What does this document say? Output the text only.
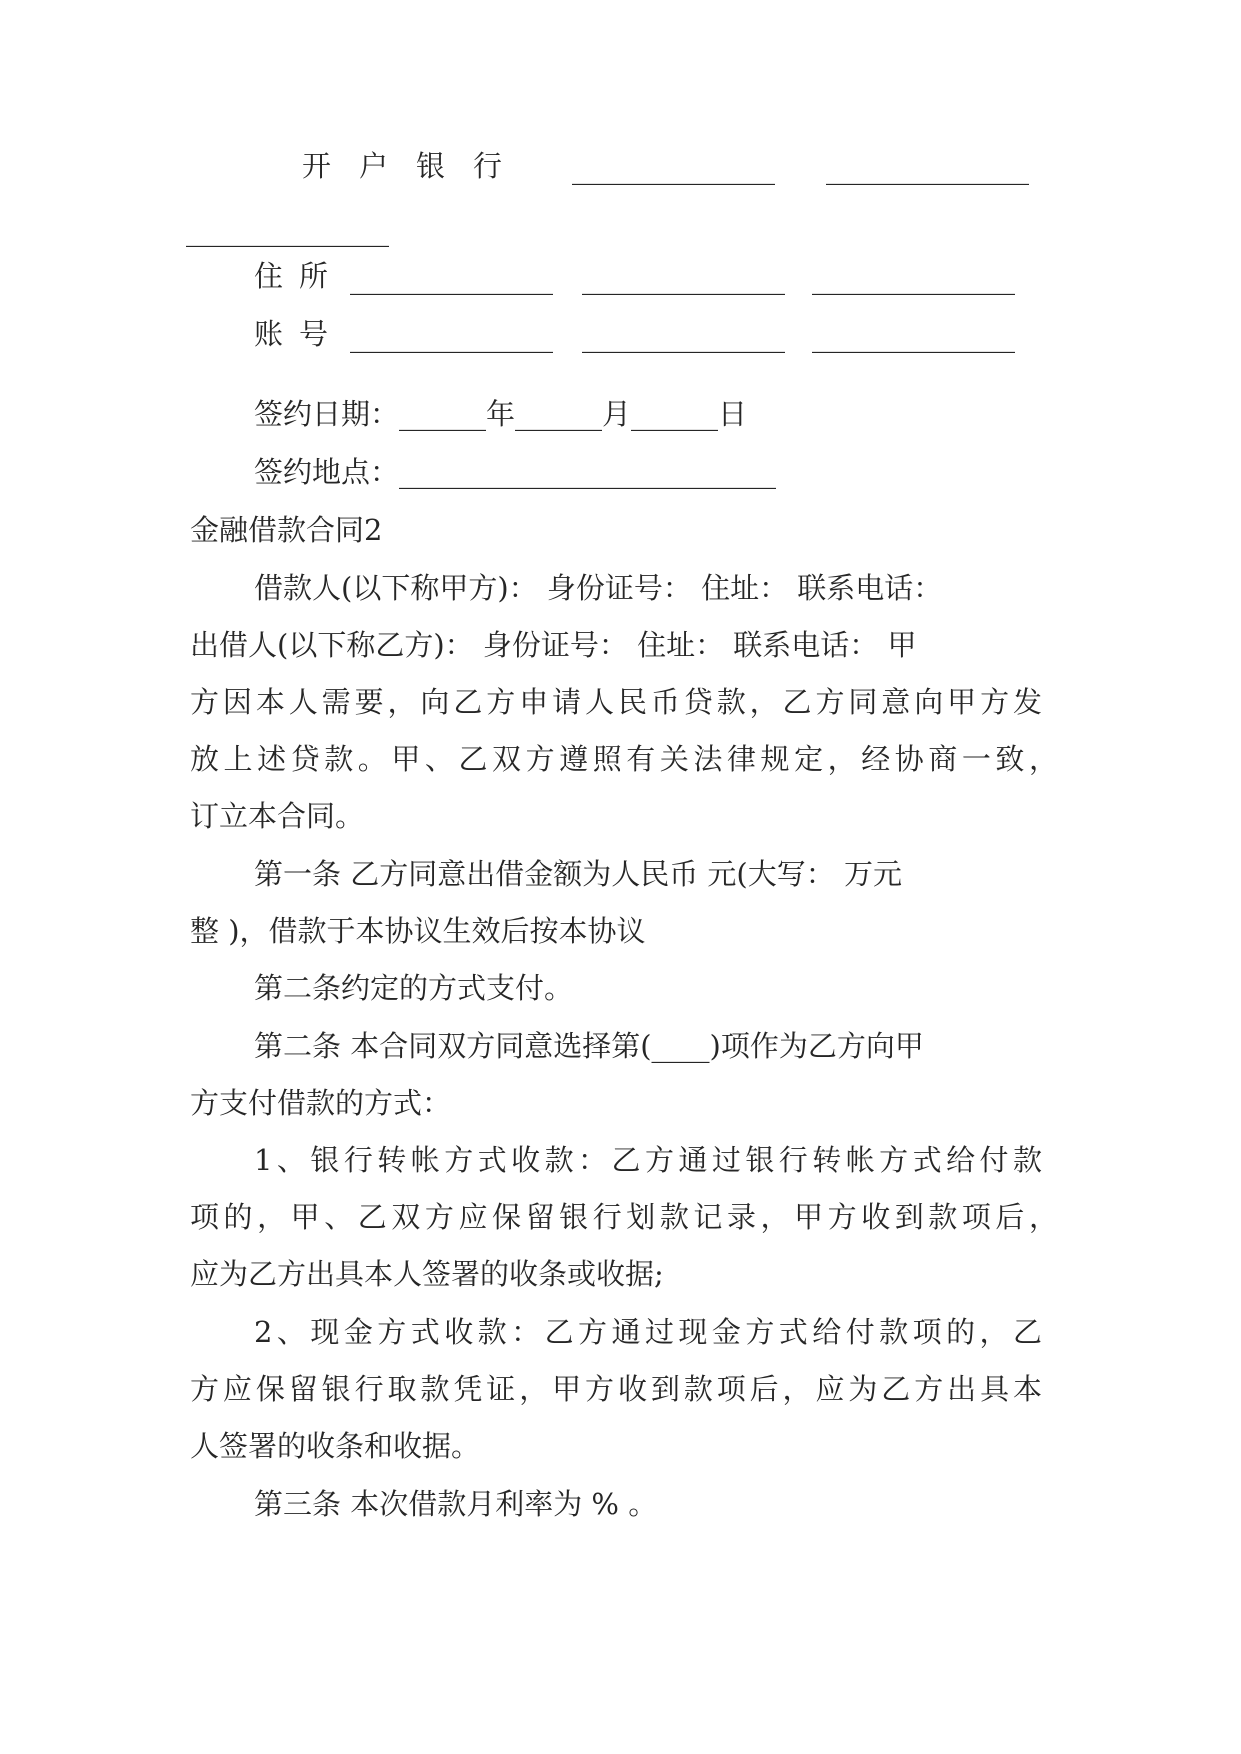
开户银行 ______________ ______________
______________
住所 ______________ ______________ ______________
账号 ______________ ______________ ______________
签约日期：______年______月______日
签约地点：__________________________
金融借款合同2
借款人(以下称甲方)： 身份证号： 住址： 联系电话：
出借人(以下称乙方)： 身份证号： 住址： 联系电话： 甲
方因本人需要，向乙方申请人民币贷款，乙方同意向甲方发
放上述贷款。甲、乙双方遵照有关法律规定，经协商一致，
订立本合同。
第一条 乙方同意出借金额为人民币 元(大写： 万元
整 )，借款于本协议生效后按本协议
第二条约定的方式支付。
第二条 本合同双方同意选择第(____)项作为乙方向甲
方支付借款的方式：
1、银行转帐方式收款：乙方通过银行转帐方式给付款
项的，甲、乙双方应保留银行划款记录，甲方收到款项后，
应为乙方出具本人签署的收条或收据;
2、现金方式收款：乙方通过现金方式给付款项的，乙
方应保留银行取款凭证，甲方收到款项后，应为乙方出具本
人签署的收条和收据。
第三条 本次借款月利率为 % 。
